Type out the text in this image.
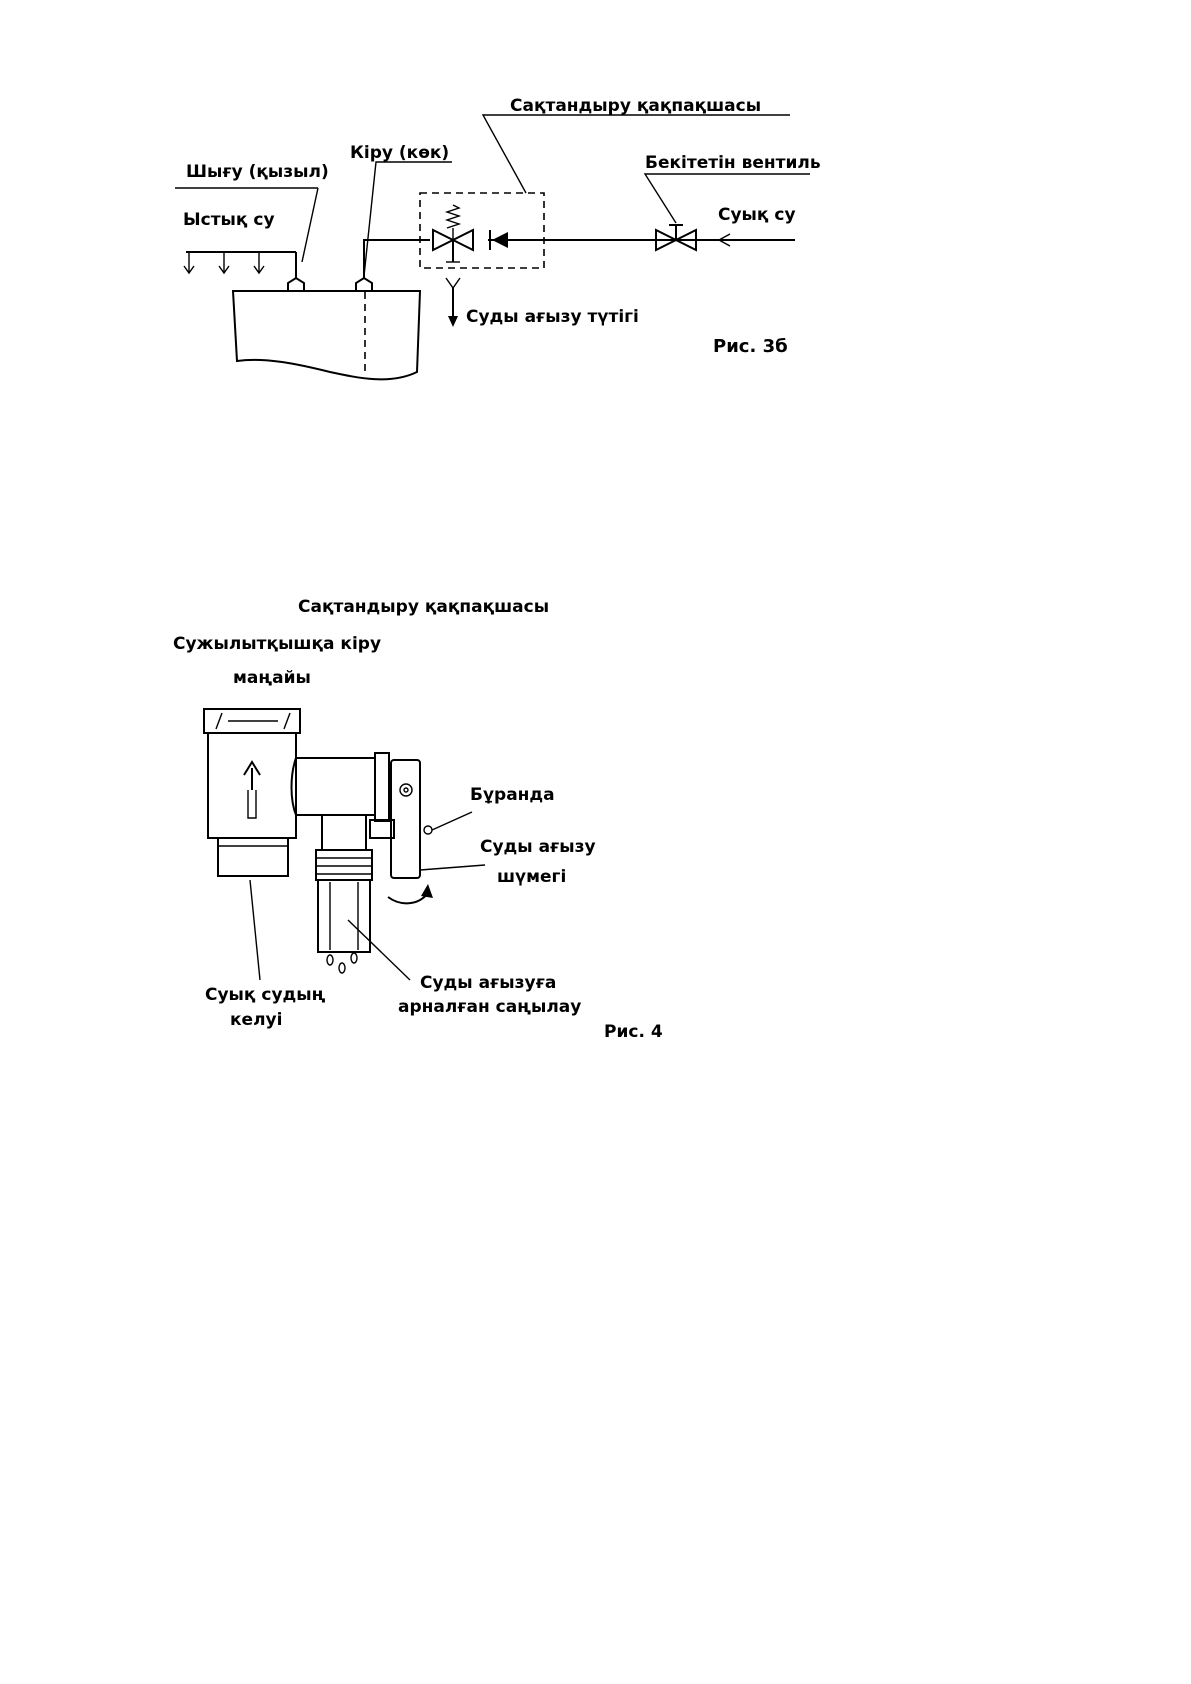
Сақтандыру қақпақшасы
Кіру (көк)
Шығу (қызыл)	Бекітетін вентиль
Ыстық су	Суық су
Суды ағызу түтігі
Рис. 3б
Сақтандыру қақпақшасы
Сужылытқышқа кіру
маңайы
Бұранда
Суды ағызу
шүмегі
Суық судың
келуі
Суды ағызуға
арналған саңылау
Рис. 4
